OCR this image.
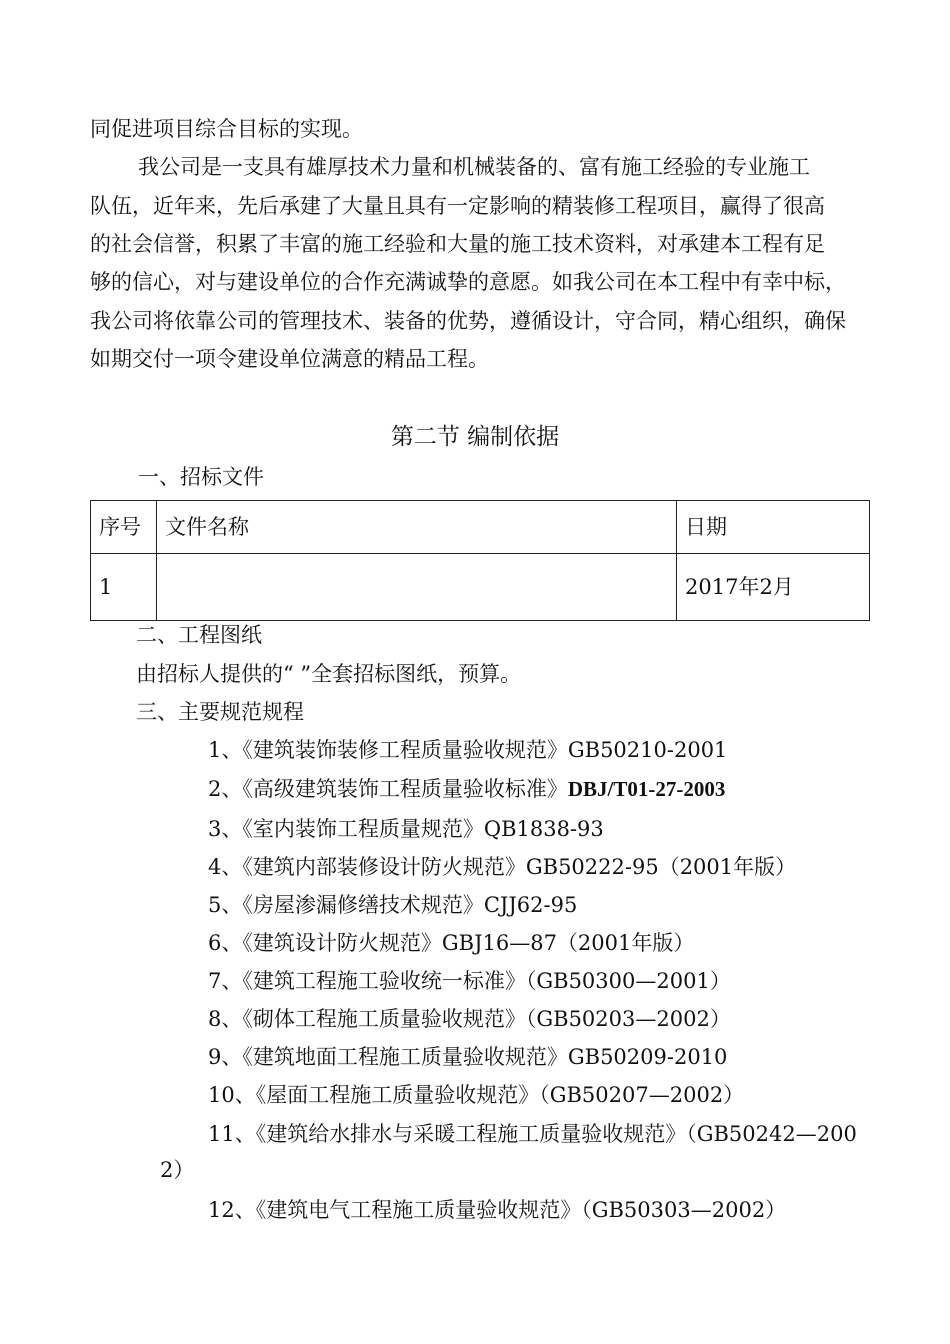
同促进项目综合目标的实现。
我公司是一支具有雄厚技术力量和机械装备的、富有施工经验的专业施工
队伍，近年来，先后承建了大量且具有一定影响的精装修工程项目，赢得了很高
的社会信誉，积累了丰富的施工经验和大量的施工技术资料，对承建本工程有足
够的信心，对与建设单位的合作充满诚挚的意愿。如我公司在本工程中有幸中标，
我公司将依靠公司的管理技术、装备的优势，遵循设计，守合同，精心组织，确保
如期交付一项令建设单位满意的精品工程。
第二节 编制依据
一、招标文件
序号	文件名称	日期
1		2017年2月
二、工程图纸
由招标人提供的“ ”全套招标图纸，预算。
三、主要规范规程
1、《建筑装饰装修工程质量验收规范》GB50210-2001
2、《高级建筑装饰工程质量验收标准》DBJ/T01-27-2003
3、《室内装饰工程质量规范》QB1838-93
4、《建筑内部装修设计防火规范》GB50222-95（2001年版）
5、《房屋渗漏修缮技术规范》CJJ62-95
6、《建筑设计防火规范》GBJ16—87（2001年版）
7、《建筑工程施工验收统一标准》（GB50300—2001）
8、《砌体工程施工质量验收规范》（GB50203—2002）
9、《建筑地面工程施工质量验收规范》GB50209-2010
10、《屋面工程施工质量验收规范》（GB50207—2002）
11、《建筑给水排水与采暖工程施工质量验收规范》（GB50242—200
2）
12、《建筑电气工程施工质量验收规范》（GB50303—2002）
